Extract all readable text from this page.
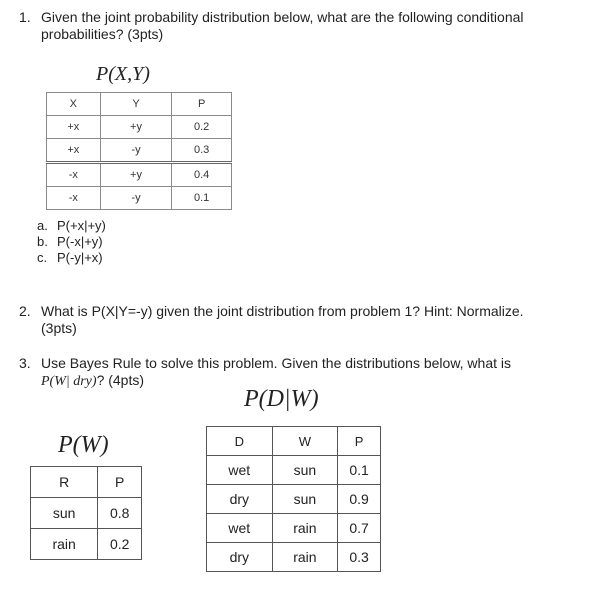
1. Given the joint probability distribution below, what are the following conditional
probabilities? (3pts)
P(X,Y)
X	Y	P
+x	+y	0.2
+x	-y	0.3
-x	+y	0.4
-x	-y	0.1
a. P(+x|+y)
b. P(-x|+y)
c. P(-y|+x)
2. What is P(X|Y=-y) given the joint distribution from problem 1? Hint: Normalize.
(3pts)
3. Use Bayes Rule to solve this problem. Given the distributions below, what is
P(W| dry)? (4pts)
P(D|W)
P(W)
R	P
sun	0.8
rain	0.2
D	W	P
wet	sun	0.1
dry	sun	0.9
wet	rain	0.7
dry	rain	0.3
